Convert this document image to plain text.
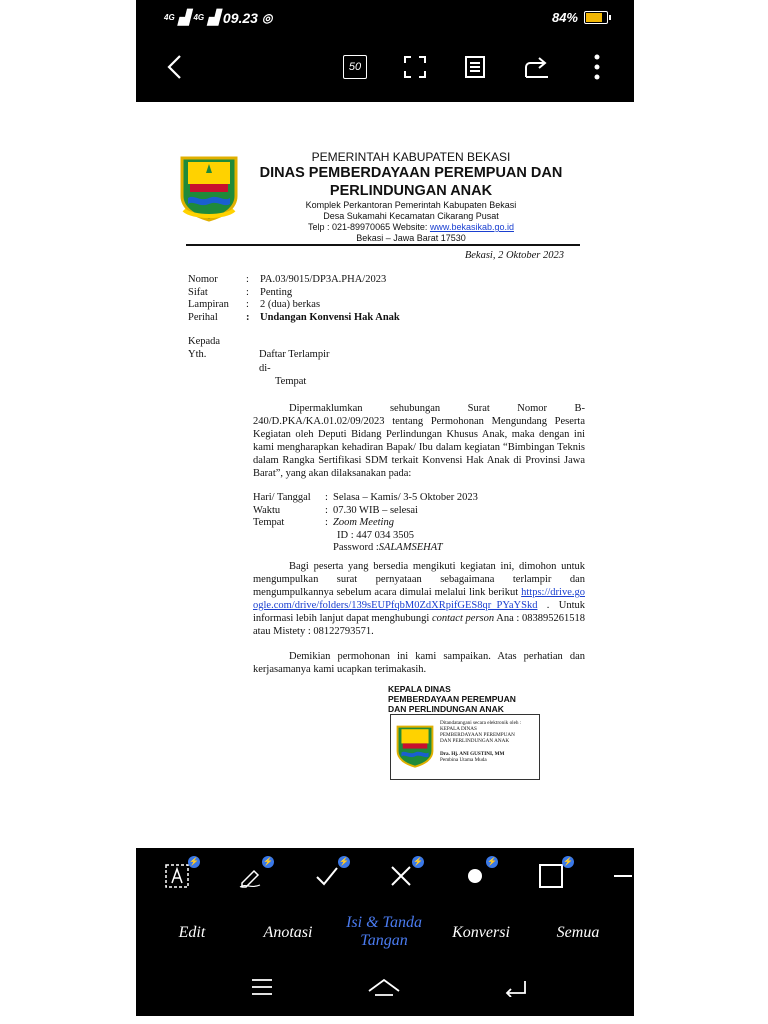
4G ▟ 4G ▟ 09.23 ◎	84%
50
PEMERINTAH KABUPATEN BEKASI
DINAS PEMBERDAYAAN PEREMPUAN DAN
PERLINDUNGAN ANAK
Komplek Perkantoran Pemerintah Kabupaten Bekasi
Desa Sukamahi Kecamatan Cikarang Pusat
Telp : 021-89970065 Website: www.bekasikab.go.id
Bekasi – Jawa Barat 17530
Bekasi, 2 Oktober 2023
Nomor	:	PA.03/9015/DP3A.PHA/2023
Sifat	:	Penting
Lampiran	:	2 (dua) berkas
Perihal	:	Undangan Konvensi Hak Anak
Kepada
Yth.	Daftar Terlampir
di-
Tempat
Dipermaklumkan sehubungan Surat Nomor B-240/D.PKA/KA.01.02/09/2023 tentang Permohonan Mengundang Peserta Kegiatan oleh Deputi Bidang Perlindungan Khusus Anak, maka dengan ini kami mengharapkan kehadiran Bapak/ Ibu dalam kegiatan “Bimbingan Teknis dalam Rangka Sertifikasi SDM terkait Konvensi Hak Anak di Provinsi Jawa Barat”, yang akan dilaksanakan pada:
Hari/ Tanggal	: Selasa – Kamis/ 3-5 Oktober 2023
Waktu	: 07.30 WIB – selesai
Tempat	: Zoom Meeting
ID : 447 034 3505
Password : SALAMSEHAT
Bagi peserta yang bersedia mengikuti kegiatan ini, dimohon untuk mengumpulkan surat pernyataan sebagaimana terlampir dan mengumpulkannya sebelum acara dimulai melalui link berikut https://drive.google.com/drive/folders/139sEUPfqbM0ZdXRpifGES8qr_PYaYSkd . Untuk informasi lebih lanjut dapat menghubungi contact person Ana : 083895261518 atau Mistety : 08122793571.
Demikian permohonan ini kami sampaikan. Atas perhatian dan kerjasamanya kami ucapkan terimakasih.
KEPALA DINAS
PEMBERDAYAAN PEREMPUAN
DAN PERLINDUNGAN ANAK
Ditandatangani secara elektronik oleh :
KEPALA DINAS
PEMBERDAYAAN PEREMPUAN
DAN PERLINDUNGAN ANAK
Dra. Hj. ANI GUSTINI, MM
Pembina Utama Muda
⚡	⚡	⚡	⚡	⚡	⚡
Edit	Anotasi
Isi & Tanda Tangan	Konversi	Semua
